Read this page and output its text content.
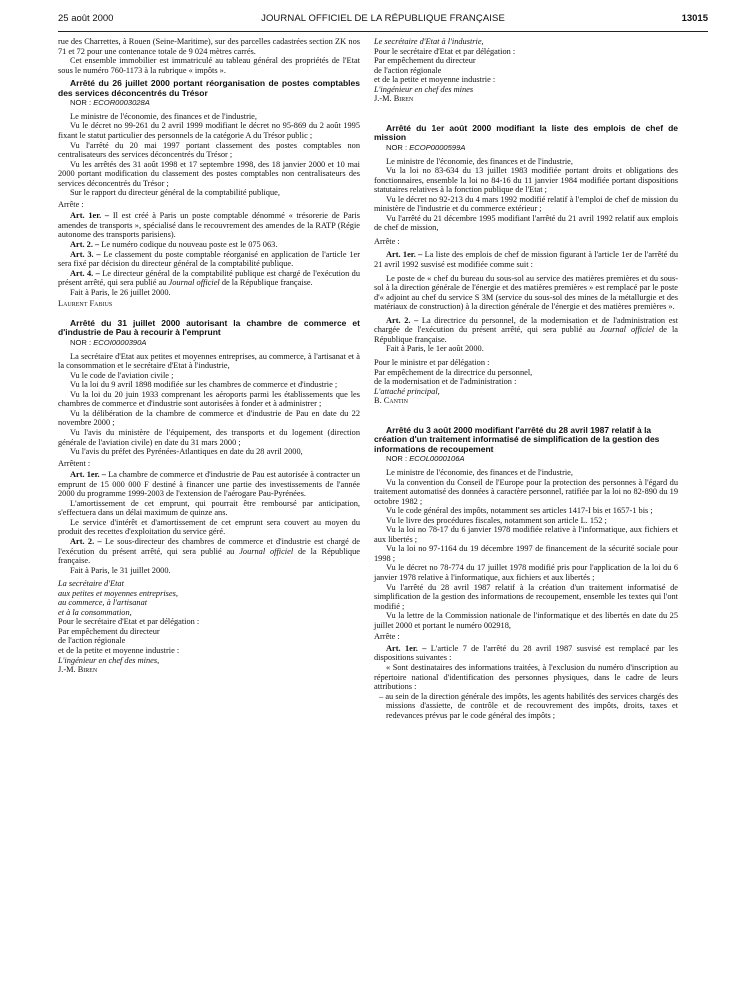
25 août 2000	JOURNAL OFFICIEL DE LA RÉPUBLIQUE FRANÇAISE	13015

rue des Charrettes, à Rouen (Seine-Maritime), sur des parcelles cadastrées section ZK nos 71 et 72 pour une contenance totale de 9 024 mètres carrés.

Cet ensemble immobilier est immatriculé au tableau général des propriétés de l'Etat sous le numéro 760-1173 à la rubrique « impôts ».

Arrêté du 26 juillet 2000 portant réorganisation de postes comptables des services déconcentrés du Trésor

NOR : ECOR0003028A

Le ministre de l'économie, des finances et de l'industrie,

Vu le décret no 99-261 du 2 avril 1999 modifiant le décret no 95-869 du 2 août 1995 fixant le statut particulier des personnels de la catégorie A du Trésor public ;

Vu l'arrêté du 20 mai 1997 portant classement des postes comptables non centralisateurs des services déconcentrés du Trésor ;

Vu les arrêtés des 31 août 1998 et 17 septembre 1998, des 18 janvier 2000 et 10 mai 2000 portant modification du classement des postes comptables non centralisateurs des services déconcentrés du Trésor ;

Sur le rapport du directeur général de la comptabilité publique,

Arrête :

Art. 1er. – Il est créé à Paris un poste comptable dénommé « trésorerie de Paris amendes de transports », spécialisé dans le recouvrement des amendes de la RATP (Régie autonome des transports parisiens).

Art. 2. – Le numéro codique du nouveau poste est le 075 063.

Art. 3. – Le classement du poste comptable réorganisé en application de l'article 1er sera fixé par décision du directeur général de la comptabilité publique.

Art. 4. – Le directeur général de la comptabilité publique est chargé de l'exécution du présent arrêté, qui sera publié au Journal officiel de la République française.

Fait à Paris, le 26 juillet 2000.

Laurent Fabius

Arrêté du 31 juillet 2000 autorisant la chambre de commerce et d'industrie de Pau à recourir à l'emprunt

NOR : ECOI0000390A

La secrétaire d'Etat aux petites et moyennes entreprises, au commerce, à l'artisanat et à la consommation et le secrétaire d'Etat à l'industrie,

Vu le code de l'aviation civile ;

Vu la loi du 9 avril 1898 modifiée sur les chambres de commerce et d'industrie ;

Vu la loi du 20 juin 1933 comprenant les aéroports parmi les établissements que les chambres de commerce et d'industrie sont autorisées à fonder et à administrer ;

Vu la délibération de la chambre de commerce et d'industrie de Pau en date du 22 novembre 2000 ;

Vu l'avis du ministère de l'équipement, des transports et du logement (direction générale de l'aviation civile) en date du 31 mars 2000 ;

Vu l'avis du préfet des Pyrénées-Atlantiques en date du 28 avril 2000,

Arrêtent :

Art. 1er. – La chambre de commerce et d'industrie de Pau est autorisée à contracter un emprunt de 15 000 000 F destiné à financer une partie des investissements de l'année 2000 du programme 1999-2003 de l'extension de l'aérogare Pau-Pyrénées.

L'amortissement de cet emprunt, qui pourrait être remboursé par anticipation, s'effectuera dans un délai maximum de quinze ans.

Le service d'intérêt et d'amortissement de cet emprunt sera couvert au moyen du produit des recettes d'exploitation du service géré.

Art. 2. – Le sous-directeur des chambres de commerce et d'industrie est chargé de l'exécution du présent arrêté, qui sera publié au Journal officiel de la République française.

Fait à Paris, le 31 juillet 2000.

La secrétaire d'Etat

aux petites et moyennes entreprises,

au commerce, à l'artisanat

et à la consommation,

Pour le secrétaire d'Etat et par délégation :

Par empêchement du directeur

de l'action régionale

et de la petite et moyenne industrie :

L'ingénieur en chef des mines,

J.-M. Biren

Le secrétaire d'Etat à l'industrie,

Pour le secrétaire d'Etat et par délégation :

Par empêchement du directeur

de l'action régionale

et de la petite et moyenne industrie :

L'ingénieur en chef des mines

J.-M. Biren

Arrêté du 1er août 2000 modifiant la liste des emplois de chef de mission

NOR : ECOP0000599A

Le ministre de l'économie, des finances et de l'industrie,

Vu la loi no 83-634 du 13 juillet 1983 modifiée portant droits et obligations des fonctionnaires, ensemble la loi no 84-16 du 11 janvier 1984 modifiée portant dispositions statutaires relatives à la fonction publique de l'Etat ;

Vu le décret no 92-213 du 4 mars 1992 modifié relatif à l'emploi de chef de mission du ministère de l'industrie et du commerce extérieur ;

Vu l'arrêté du 21 décembre 1995 modifiant l'arrêté du 21 avril 1992 relatif aux emplois de chef de mission,

Arrête :

Art. 1er. – La liste des emplois de chef de mission figurant à l'article 1er de l'arrêté du 21 avril 1992 susvisé est modifiée comme suit :

Le poste de « chef du bureau du sous-sol au service des matières premières et du sous-sol à la direction générale de l'énergie et des matières premières » est remplacé par le poste d'« adjoint au chef du service S 3M (service du sous-sol des mines de la métallurgie et des matériaux de construction) à la direction générale de l'énergie et des matières premières ».

Art. 2. – La directrice du personnel, de la modernisation et de l'administration est chargée de l'exécution du présent arrêté, qui sera publié au Journal officiel de la République française.

Fait à Paris, le 1er août 2000.

Pour le ministre et par délégation :

Par empêchement de la directrice du personnel,

de la modernisation et de l'administration :

L'attaché principal,

B. Cantin

Arrêté du 3 août 2000 modifiant l'arrêté du 28 avril 1987 relatif à la création d'un traitement informatisé de simplification de la gestion des informations de recoupement

NOR : ECOL0000106A

Le ministre de l'économie, des finances et de l'industrie,

Vu la convention du Conseil de l'Europe pour la protection des personnes à l'égard du traitement automatisé des données à caractère personnel, ratifiée par la loi no 82-890 du 19 octobre 1982 ;

Vu le code général des impôts, notamment ses articles 1417-I bis et 1657-1 bis ;

Vu le livre des procédures fiscales, notamment son article L. 152 ;

Vu la loi no 78-17 du 6 janvier 1978 modifiée relative à l'informatique, aux fichiers et aux libertés ;

Vu la loi no 97-1164 du 19 décembre 1997 de financement de la sécurité sociale pour 1998 ;

Vu le décret no 78-774 du 17 juillet 1978 modifié pris pour l'application de la loi du 6 janvier 1978 relative à l'informatique, aux fichiers et aux libertés ;

Vu l'arrêté du 28 avril 1987 relatif à la création d'un traitement informatisé de simplification de la gestion des informations de recoupement, ensemble les textes qui l'ont modifié ;

Vu la lettre de la Commission nationale de l'informatique et des libertés en date du 25 juillet 2000 et portant le numéro 002918,

Arrête :

Art. 1er. – L'article 7 de l'arrêté du 28 avril 1987 susvisé est remplacé par les dispositions suivantes :

« Sont destinataires des informations traitées, à l'exclusion du numéro d'inscription au répertoire national d'identification des personnes physiques, dans le cadre de leurs attributions :

– au sein de la direction générale des impôts, les agents habilités des services chargés des missions d'assiette, de contrôle et de recouvrement des impôts, droits, taxes et redevances prévus par le code général des impôts ;
